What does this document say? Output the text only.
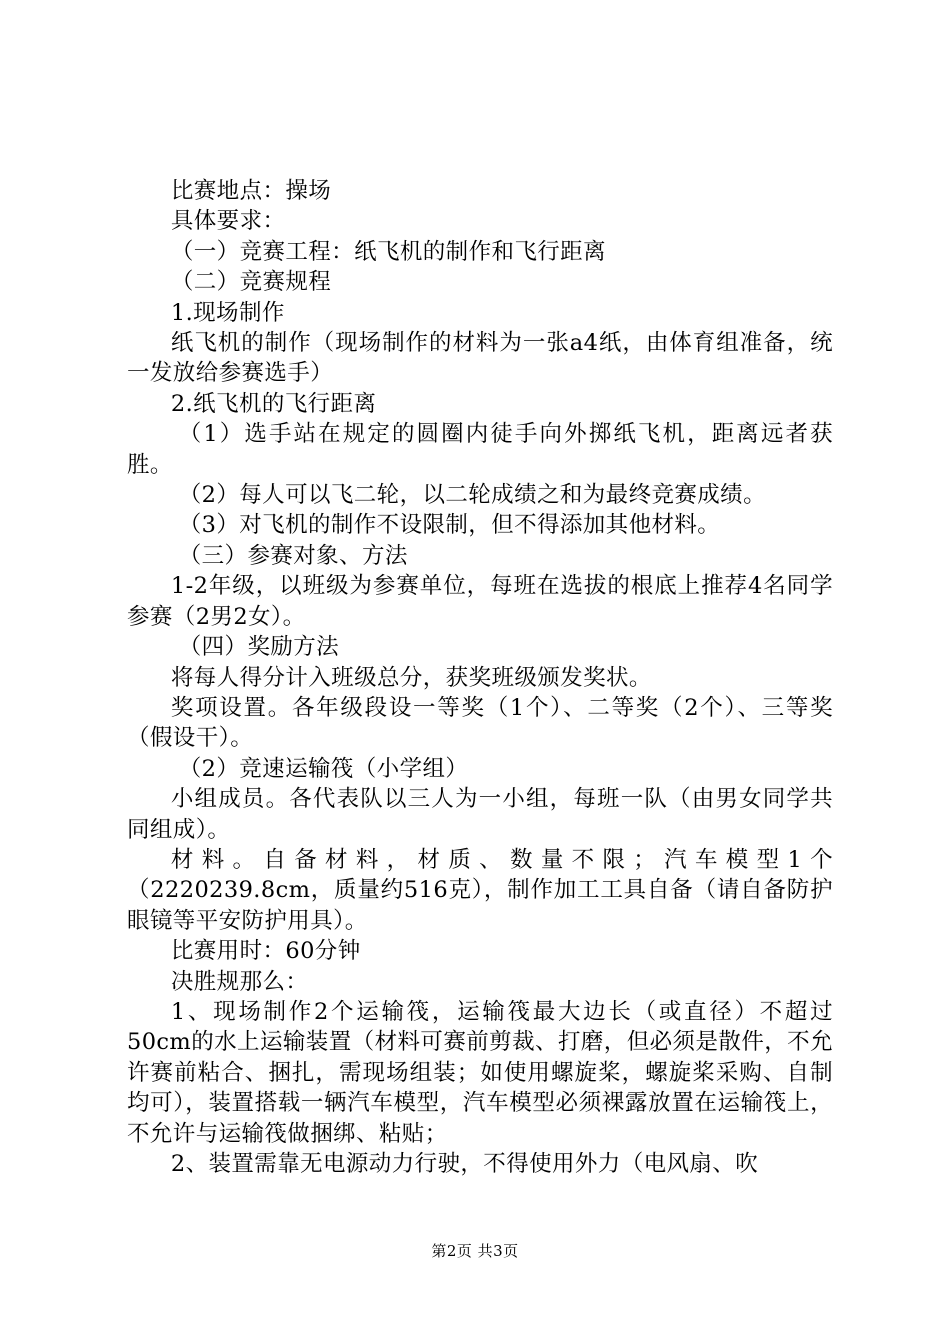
比赛地点：操场

具体要求：

（一）竞赛工程：纸飞机的制作和飞行距离

（二）竞赛规程

1.现场制作

纸飞机的制作（现场制作的材料为一张a4纸，由体育组准备，统一发放给参赛选手）

2.纸飞机的飞行距离

（1）选手站在规定的圆圈内徒手向外掷纸飞机，距离远者获胜。

（2）每人可以飞二轮，以二轮成绩之和为最终竞赛成绩。

（3）对飞机的制作不设限制，但不得添加其他材料。

（三）参赛对象、方法

1-2年级，以班级为参赛单位，每班在选拔的根底上推荐4名同学参赛（2男2女）。

（四）奖励方法

将每人得分计入班级总分，获奖班级颁发奖状。

奖项设置。各年级段设一等奖（1个）、二等奖（2个）、三等奖（假设干）。

（2）竞速运输筏（小学组）

小组成员。各代表队以三人为一小组，每班一队（由男女同学共同组成）。

材料。自备材料，材质、数量不限；汽车模型1个（2220239.8cm，质量约516克），制作加工工具自备（请自备防护眼镜等平安防护用具）。

比赛用时：60分钟

决胜规那么：

1、现场制作2个运输筏，运输筏最大边长（或直径）不超过50cm的水上运输装置（材料可赛前剪裁、打磨，但必须是散件，不允许赛前粘合、捆扎，需现场组装；如使用螺旋桨，螺旋桨采购、自制均可），装置搭载一辆汽车模型，汽车模型必须裸露放置在运输筏上，不允许与运输筏做捆绑、粘贴；

2、装置需靠无电源动力行驶，不得使用外力（电风扇、吹

第2页 共3页
